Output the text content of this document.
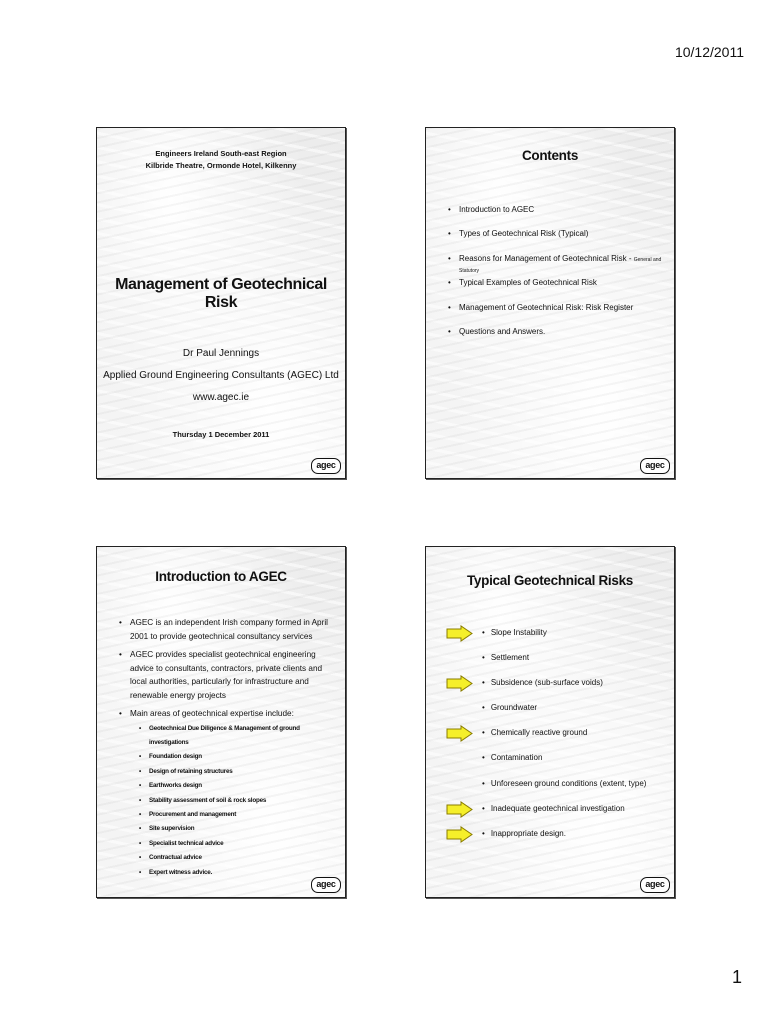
10/12/2011
Engineers Ireland South-east Region
Kilbride Theatre, Ormonde Hotel, Kilkenny
Management of Geotechnical Risk
Dr Paul Jennings
Applied Ground Engineering Consultants (AGEC) Ltd
www.agec.ie
Thursday 1 December 2011
agec
Contents
• Introduction to AGEC
• Types of Geotechnical Risk (Typical)
• Reasons for Management of Geotechnical Risk - General and Statutory
• Typical Examples of Geotechnical Risk
• Management of Geotechnical Risk: Risk Register
• Questions and Answers.
agec
Introduction to AGEC
• AGEC is an independent Irish company formed in April 2001 to provide geotechnical consultancy services
• AGEC provides specialist geotechnical engineering advice to consultants, contractors, private clients and local authorities, particularly for infrastructure and renewable energy projects
• Main areas of geotechnical expertise include:
• Geotechnical Due Diligence & Management of ground investigations
• Foundation design
• Design of retaining structures
• Earthworks design
• Stability assessment of soil & rock slopes
• Procurement and management
• Site supervision
• Specialist technical advice
• Contractual advice
• Expert witness advice.
agec
Typical Geotechnical Risks
• Slope Instability
• Settlement
• Subsidence (sub-surface voids)
• Groundwater
• Chemically reactive ground
• Contamination
• Unforeseen ground conditions (extent, type)
• Inadequate geotechnical investigation
• Inappropriate design.
agec
1
